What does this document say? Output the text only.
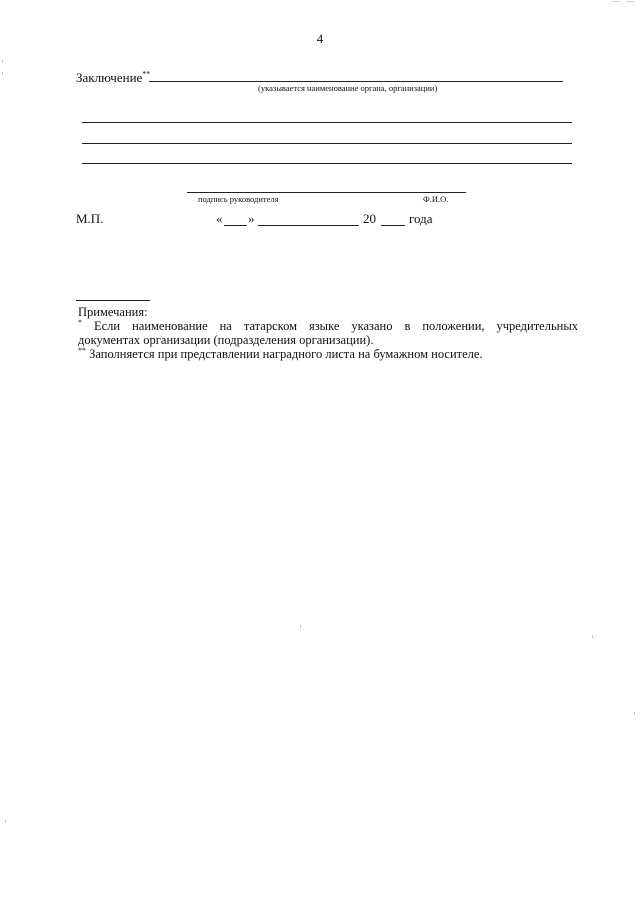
4
Заключение**
(указывается наименование органа, организации)
подпись руководителя	Ф.И.О.
М.П.	« »	20	года

Примечания:

* Если наименование на татарском языке указано в положении, учредительных

документах организации (подразделения организации).

** Заполняется при представлении наградного листа на бумажном носителе.
